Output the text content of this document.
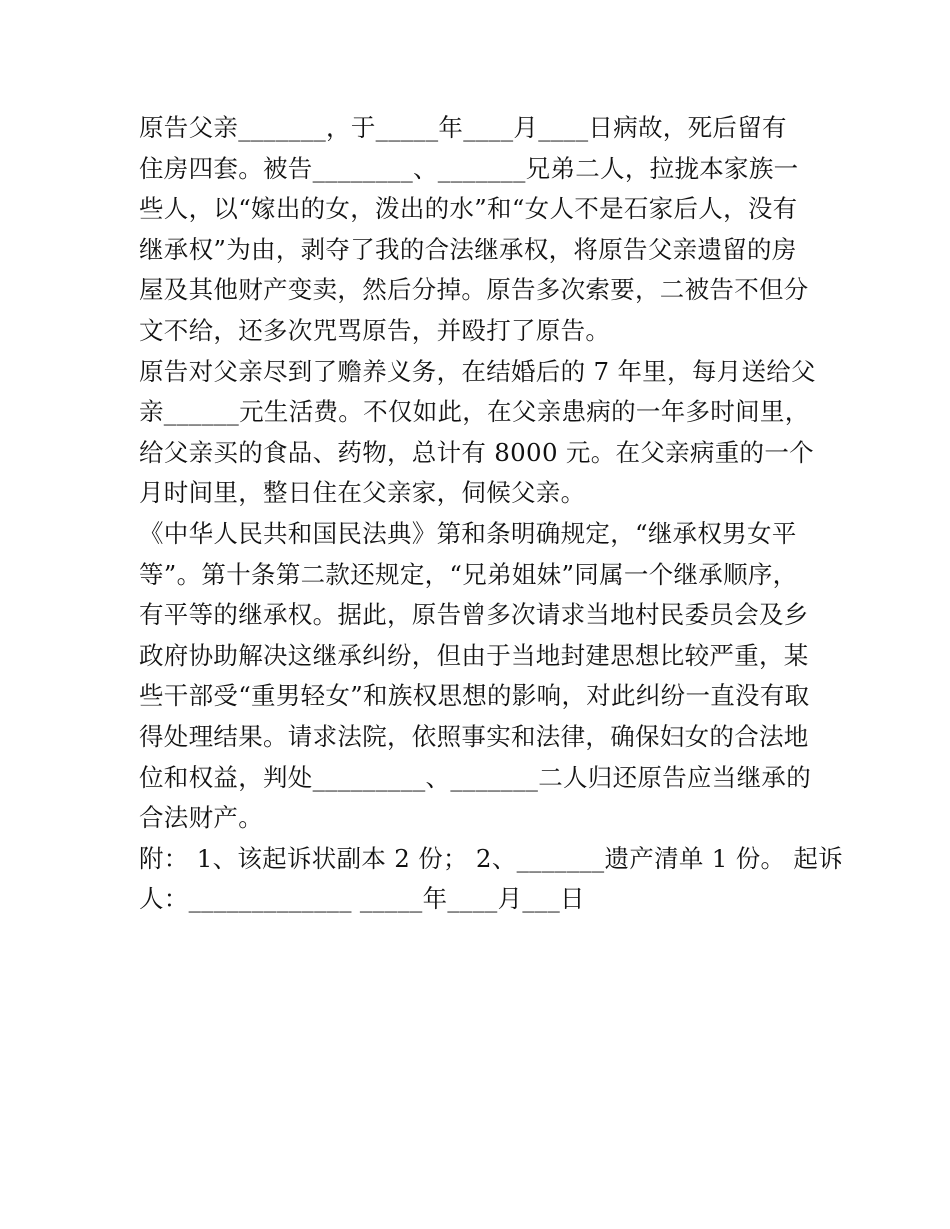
原告父亲_______，于_____年____月____日病故，死后留有
住房四套。被告________、_______兄弟二人，拉拢本家族一
些人，以“嫁出的女，泼出的水”和“女人不是石家后人，没有
继承权”为由，剥夺了我的合法继承权，将原告父亲遗留的房
屋及其他财产变卖，然后分掉。原告多次索要，二被告不但分
文不给，还多次咒骂原告，并殴打了原告。
原告对父亲尽到了赡养义务，在结婚后的 7 年里，每月送给父
亲______元生活费。不仅如此，在父亲患病的一年多时间里，
给父亲买的食品、药物，总计有 8000 元。在父亲病重的一个
月时间里，整日住在父亲家，伺候父亲。
《中华人民共和国民法典》第和条明确规定，“继承权男女平
等”。第十条第二款还规定，“兄弟姐妹”同属一个继承顺序，
有平等的继承权。据此，原告曾多次请求当地村民委员会及乡
政府协助解决这继承纠纷，但由于当地封建思想比较严重，某
些干部受“重男轻女”和族权思想的影响，对此纠纷一直没有取
得处理结果。请求法院，依照事实和法律，确保妇女的合法地
位和权益，判处_________、_______二人归还原告应当继承的
合法财产。
附： 1、该起诉状副本 2 份； 2、_______遗产清单 1 份。 起诉
人：_____________ _____年____月___日
